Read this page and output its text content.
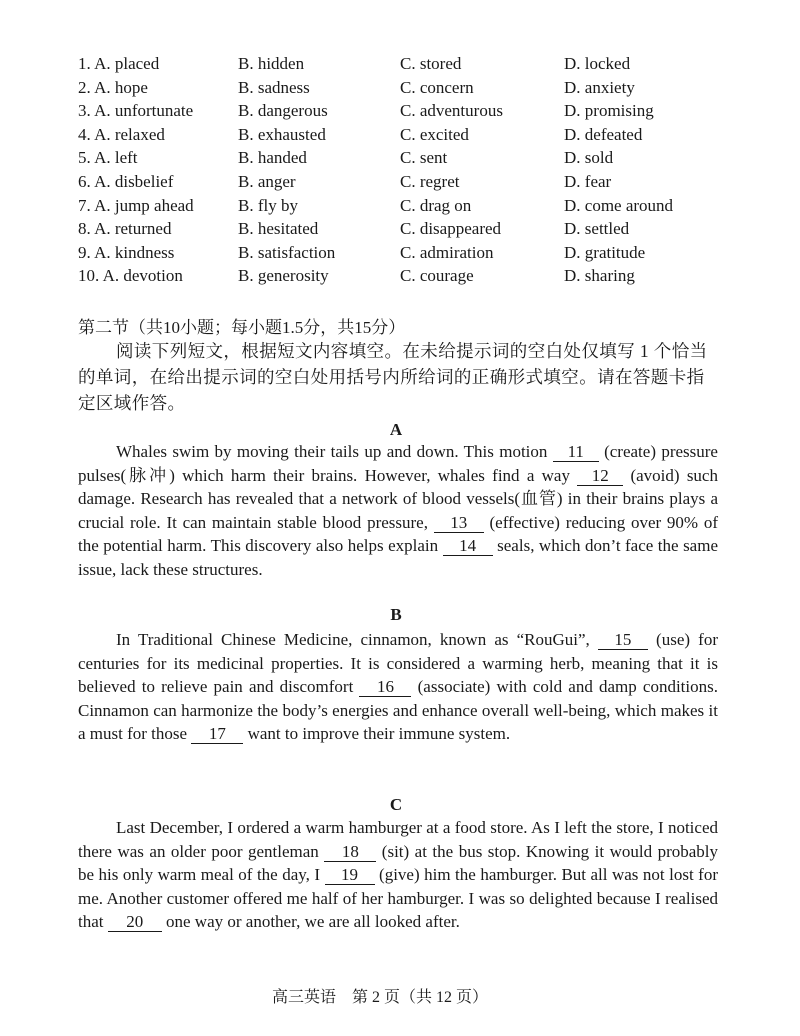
1. A. placed	B. hidden	C. stored	D. locked
2. A. hope	B. sadness	C. concern	D. anxiety
3. A. unfortunate	B. dangerous	C. adventurous	D. promising
4. A. relaxed	B. exhausted	C. excited	D. defeated
5. A. left	B. handed	C. sent	D. sold
6. A. disbelief	B. anger	C. regret	D. fear
7. A. jump ahead	B. fly by	C. drag on	D. come around
8. A. returned	B. hesitated	C. disappeared	D. settled
9. A. kindness	B. satisfaction	C. admiration	D. gratitude
10. A. devotion	B. generosity	C. courage	D. sharing
第二节（共10小题；每小题1.5分，共15分）
阅读下列短文，根据短文内容填空。在未给提示词的空白处仅填写 1 个恰当的单词，在给出提示词的空白处用括号内所给词的正确形式填空。请在答题卡指定区域作答。
A
Whales swim by moving their tails up and down. This motion 11 (create) pressure pulses(脉冲) which harm their brains. However, whales find a way 12 (avoid) such damage. Research has revealed that a network of blood vessels(血管) in their brains plays a crucial role. It can maintain stable blood pressure, 13 (effective) reducing over 90% of the potential harm. This discovery also helps explain 14 seals, which don’t face the same issue, lack these structures.
B
In Traditional Chinese Medicine, cinnamon, known as “RouGui”, 15 (use) for centuries for its medicinal properties. It is considered a warming herb, meaning that it is believed to relieve pain and discomfort 16 (associate) with cold and damp conditions. Cinnamon can harmonize the body’s energies and enhance overall well-being, which makes it a must for those 17 want to improve their immune system.
C
Last December, I ordered a warm hamburger at a food store. As I left the store, I noticed there was an older poor gentleman 18 (sit) at the bus stop. Knowing it would probably be his only warm meal of the day, I 19 (give) him the hamburger. But all was not lost for me. Another customer offered me half of her hamburger. I was so delighted because I realised that 20 one way or another, we are all looked after.
高三英语　第 2 页（共 12 页）
